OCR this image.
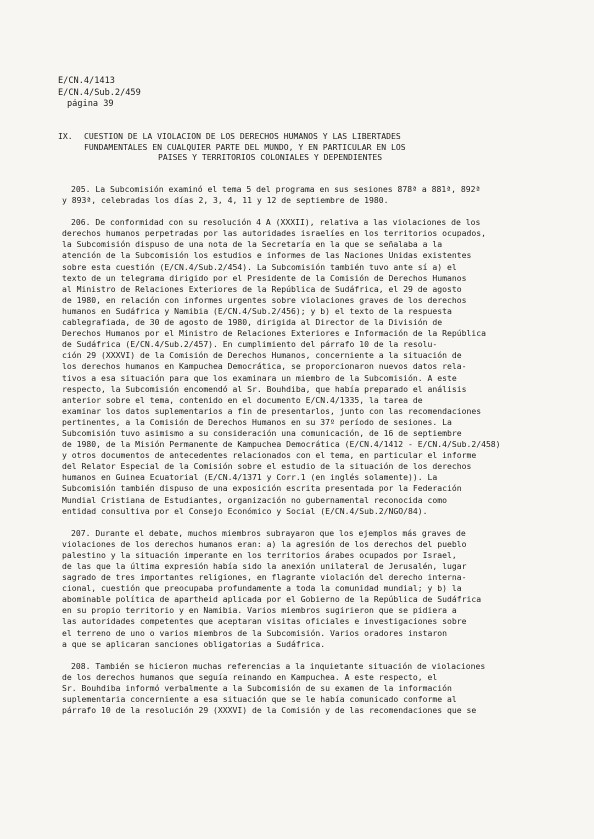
E/CN.4/1413
E/CN.4/Sub.2/459
página 39
IX. CUESTION DE LA VIOLACION DE LOS DERECHOS HUMANOS Y LAS LIBERTADES
FUNDAMENTALES EN CUALQUIER PARTE DEL MUNDO, Y EN PARTICULAR EN LOS
PAISES Y TERRITORIOS COLONIALES Y DEPENDIENTES
205. La Subcomisión examinó el tema 5 del programa en sus sesiones 878ª a 881ª, 892ª
y 893ª, celebradas los días 2, 3, 4, 11 y 12 de septiembre de 1980.
206. De conformidad con su resolución 4 A (XXXII), relativa a las violaciones de los
derechos humanos perpetradas por las autoridades israelíes en los territorios ocupados,
la Subcomisión dispuso de una nota de la Secretaría en la que se señalaba a la
atención de la Subcomisión los estudios e informes de las Naciones Unidas existentes
sobre esta cuestión (E/CN.4/Sub.2/454). La Subcomisión también tuvo ante sí a) el
texto de un telegrama dirigido por el Presidente de la Comisión de Derechos Humanos
al Ministro de Relaciones Exteriores de la República de Sudáfrica, el 29 de agosto
de 1980, en relación con informes urgentes sobre violaciones graves de los derechos
humanos en Sudáfrica y Namibia (E/CN.4/Sub.2/456); y b) el texto de la respuesta
cablegrafiada, de 30 de agosto de 1980, dirigida al Director de la División de
Derechos Humanos por el Ministro de Relaciones Exteriores e Información de la República
de Sudáfrica (E/CN.4/Sub.2/457). En cumplimiento del párrafo 10 de la resolu-
ción 29 (XXXVI) de la Comisión de Derechos Humanos, concerniente a la situación de
los derechos humanos en Kampuchea Democrática, se proporcionaron nuevos datos rela-
tivos a esa situación para que los examinara un miembro de la Subcomisión. A este
respecto, la Subcomisión encomendó al Sr. Bouhdiba, que había preparado el análisis
anterior sobre el tema, contenido en el documento E/CN.4/1335, la tarea de
examinar los datos suplementarios a fin de presentarlos, junto con las recomendaciones
pertinentes, a la Comisión de Derechos Humanos en su 37º período de sesiones. La
Subcomisión tuvo asimismo a su consideración una comunicación, de 16 de septiembre
de 1980, de la Misión Permanente de Kampuchea Democrática (E/CN.4/1412 - E/CN.4/Sub.2/458)
y otros documentos de antecedentes relacionados con el tema, en particular el informe
del Relator Especial de la Comisión sobre el estudio de la situación de los derechos
humanos en Guinea Ecuatorial (E/CN.4/1371 y Corr.1 (en inglés solamente)). La
Subcomisión también dispuso de una exposición escrita presentada por la Federación
Mundial Cristiana de Estudiantes, organización no gubernamental reconocida como
entidad consultiva por el Consejo Económico y Social (E/CN.4/Sub.2/NGO/84).
207. Durante el debate, muchos miembros subrayaron que los ejemplos más graves de
violaciones de los derechos humanos eran: a) la agresión de los derechos del pueblo
palestino y la situación imperante en los territorios árabes ocupados por Israel,
de las que la última expresión había sido la anexión unilateral de Jerusalén, lugar
sagrado de tres importantes religiones, en flagrante violación del derecho interna-
cional, cuestión que preocupaba profundamente a toda la comunidad mundial; y b) la
abominable política de apartheid aplicada por el Gobierno de la República de Sudáfrica
en su propio territorio y en Namibia. Varios miembros sugirieron que se pidiera a
las autoridades competentes que aceptaran visitas oficiales e investigaciones sobre
el terreno de uno o varios miembros de la Subcomisión. Varios oradores instaron
a que se aplicaran sanciones obligatorias a Sudáfrica.
208. También se hicieron muchas referencias a la inquietante situación de violaciones
de los derechos humanos que seguía reinando en Kampuchea. A este respecto, el
Sr. Bouhdiba informó verbalmente a la Subcomisión de su examen de la información
suplementaria concerniente a esa situación que se le había comunicado conforme al
párrafo 10 de la resolución 29 (XXXVI) de la Comisión y de las recomendaciones que se
